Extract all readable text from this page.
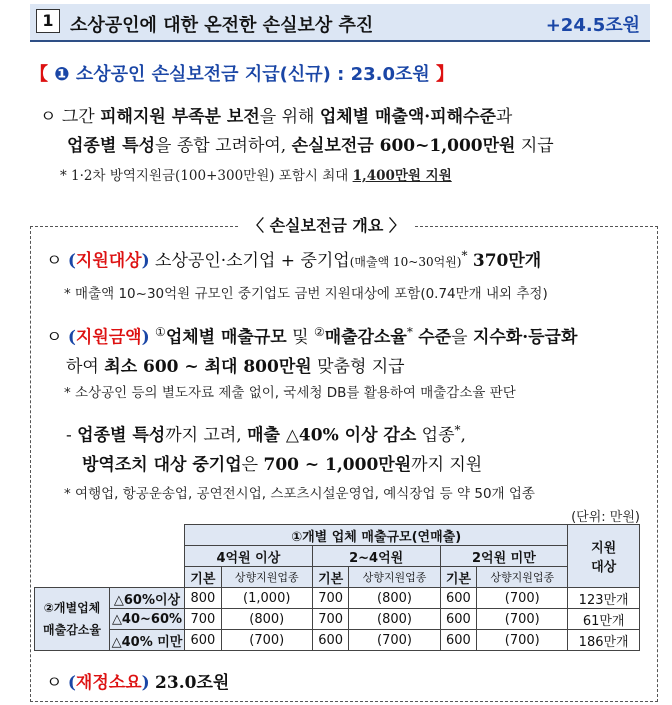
1 소상공인에 대한 온전한 손실보상 추진	+24.5조원
【 ❶ 소상공인 손실보전금 지급(신규) : 23.0조원 】
ㅇ 그간 피해지원 부족분 보전을 위해 업체별 매출액·피해수준과
업종별 특성을 종합 고려하여, 손실보전금 600~1,000만원 지급
* 1·2차 방역지원금(100+300만원) 포함시 최대 1,400만원 지원
〈 손실보전금 개요 〉
ㅇ (지원대상) 소상공인·소기업 + 중기업(매출액 10~30억원)* 370만개
* 매출액 10~30억원 규모인 중기업도 금번 지원대상에 포함(0.74만개 내외 추정)
ㅇ (지원금액) ①업체별 매출규모 및 ②매출감소율* 수준을 지수화·등급화
하여 최소 600 ~ 최대 800만원 맞춤형 지급
* 소상공인 등의 별도자료 제출 없이, 국세청 DB를 활용하여 매출감소율 판단
- 업종별 특성까지 고려, 매출 △40% 이상 감소 업종*,
방역조치 대상 중기업은 700 ~ 1,000만원까지 지원
* 여행업, 항공운송업, 공연전시업, 스포츠시설운영업, 예식장업 등 약 50개 업종
(단위: 만원)
		①개별 업체 매출규모(연매출)						지원
대상
		4억원 이상		2~4억원		2억원 미만		
		기본	상향지원업종	기본	상향지원업종	기본	상향지원업종	
②개별업체
매출감소율	△60%이상	800	(1,000)	700	(800)	600	(700)	123만개
	△40~60%	700	(800)	700	(800)	600	(700)	61만개
	△40% 미만	600	(700)	600	(700)	600	(700)	186만개
ㅇ (재정소요) 23.0조원
